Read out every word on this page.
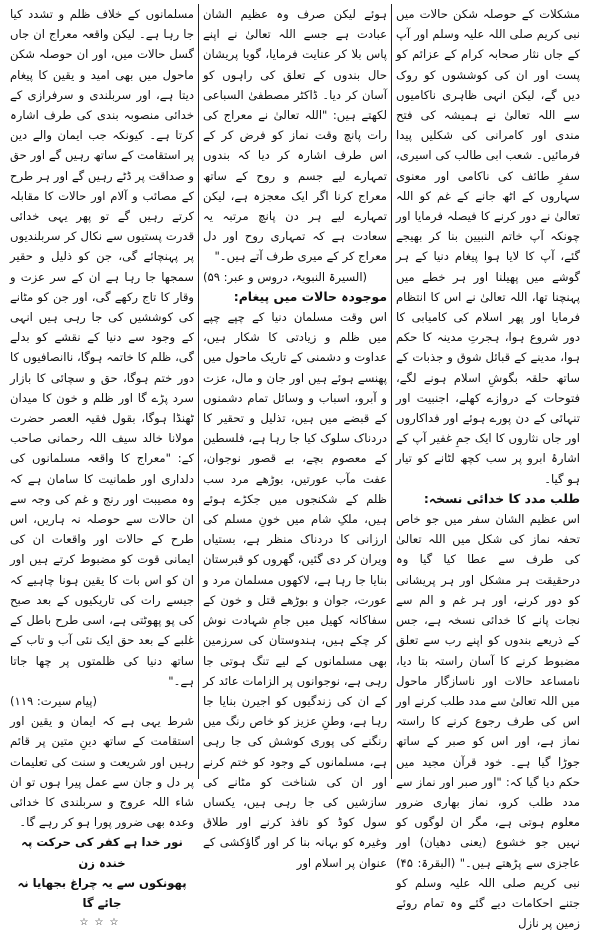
مشکلات کے حوصلہ شکن حالات میں نبی کریم صلی اللہ علیہ وسلم اور آپ کے جاں نثار صحابہ کرام کے عزائم کو پست اور ان کی کوششوں کو روک دیں گے، لیکن انہی ظاہری ناکامیوں سے اللہ تعالیٰ نے ہمیشہ کی فتح مندی اور کامرانی کی شکلیں پیدا فرمائیں۔ شعب ابی طالب کی اسیری، سفرِ طائف کی ناکامی اور معنوی سہاروں کے اٹھ جانے کے غم کو اللہ تعالیٰ نے دور کرنے کا فیصلہ فرمایا اور چونکہ آپ خاتم النبیین بنا کر بھیجے گئے، آپ کا لایا ہوا پیغام دنیا کے ہر گوشے میں پھیلنا اور ہر خطے میں پہنچنا تھا، اللہ تعالیٰ نے اس کا انتظام فرمایا اور پھر اسلام کی کامیابی کا دور شروع ہوا، ہجرتِ مدینہ کا حکم ہوا، مدینے کے قبائل شوق و جذبات کے ساتھ حلقہ بگوشِ اسلام ہونے لگے، فتوحات کے دروازے کھلے، اجنبیت اور تنہائی کے دن پورے ہوئے اور فداکاروں اور جاں نثاروں کا ایک جمِ غفیر آپ کے اشارۂ ابرو پر سب کچھ لٹانے کو تیار ہو گیا۔

طلب مدد کا خدائی نسخہ:

اس عظیم الشان سفر میں جو خاص تحفہ نماز کی شکل میں اللہ تعالیٰ کی طرف سے عطا کیا گیا وہ درحقیقت ہر مشکل اور ہر پریشانی کو دور کرنے، اور ہر غم و الم سے نجات پانے کا خدائی نسخہ ہے، جس کے ذریعے بندوں کو اپنے رب سے تعلق مضبوط کرنے کا آسان راستہ بتا دیا، نامساعد حالات اور ناسازگار ماحول میں اللہ تعالیٰ سے مدد طلب کرنے اور اس کی طرف رجوع کرنے کا راستہ نماز ہے، اور اس کو صبر کے ساتھ جوڑا گیا ہے۔ خود قرآن مجید میں حکم دیا گیا کہ: "اور صبر اور نماز سے مدد طلب کرو، نماز بھاری ضرور معلوم ہوتی ہے، مگر ان لوگوں کو نہیں جو خشوع (یعنی دھیان) اور عاجزی سے پڑھتے ہیں۔" (البقرۃ: ۴۵) نبی کریم صلی اللہ علیہ وسلم کو جتنے احکامات دیے گئے وہ تمام روئے زمین پر نازل

ہوئے لیکن صرف وہ عظیم الشان عبادت ہے جسے اللہ تعالیٰ نے اپنے پاس بلا کر عنایت فرمایا، گویا پریشان حال بندوں کے تعلق کی راہوں کو آسان کر دیا۔ ڈاکٹر مصطفیٰ السباعی لکھتے ہیں: "اللہ تعالیٰ نے معراج کی رات پانچ وقت نماز کو فرض کر کے اس طرف اشارہ کر دیا کہ بندوں تمہارے لیے جسم و روح کے ساتھ معراج کرنا اگر ایک معجزہ ہے، لیکن تمہارے لیے ہر دن پانچ مرتبہ یہ سعادت ہے کہ تمہاری روح اور دل معراج کر کے میری طرف آتے ہیں۔"

(السیرۃ النبویۃ، دروس و عبر: ۵۹)

موجودہ حالات میں پیغام:

اس وقت مسلمان دنیا کے چپے چپے میں ظلم و زیادتی کا شکار ہیں، عداوت و دشمنی کے تاریک ماحول میں پھنسے ہوئے ہیں اور جان و مال، عزت و آبرو، اسباب و وسائل تمام دشمنوں کے قبضے میں ہیں، تذلیل و تحقیر کا دردناک سلوک کیا جا رہا ہے، فلسطین کے معصوم بچے، بے قصور نوجوان، عفت مآب عورتیں، بوڑھے مرد سب ظلم کے شکنجوں میں جکڑے ہوئے ہیں، ملکِ شام میں خونِ مسلم کی ارزانی کا دردناک منظر ہے، بستیاں ویران کر دی گئیں، گھروں کو قبرستان بنایا جا رہا ہے، لاکھوں مسلمان مرد و عورت، جوان و بوڑھے قتل و خون کے سفاکانہ کھیل میں جامِ شہادت نوش کر چکے ہیں، ہندوستان کی سرزمین بھی مسلمانوں کے لیے تنگ ہوتی جا رہی ہے، نوجوانوں پر الزامات عائد کر کے ان کی زندگیوں کو اجیرن بنایا جا رہا ہے، وطنِ عزیز کو خاص رنگ میں رنگنے کی پوری کوشش کی جا رہی ہے، مسلمانوں کے وجود کو ختم کرنے اور ان کی شناخت کو مٹانے کی سازشیں کی جا رہی ہیں، یکساں سول کوڈ کو نافذ کرنے اور طلاق وغیرہ کو بہانہ بنا کر اور گاؤکشی کے عنوان پر اسلام اور

مسلمانوں کے خلاف ظلم و تشدد کیا جا رہا ہے۔ لیکن واقعہ معراج ان جاں گسل حالات میں، اور ان حوصلہ شکن ماحول میں بھی امید و یقین کا پیغام دیتا ہے، اور سربلندی و سرفرازی کے خدائی منصوبہ بندی کی طرف اشارہ کرتا ہے۔ کیونکہ جب ایمان والے دین پر استقامت کے ساتھ رہیں گے اور حق و صداقت پر ڈٹے رہیں گے اور ہر طرح کے مصائب و آلام اور حالات کا مقابلہ کرتے رہیں گے تو پھر یہی خدائی قدرت پستیوں سے نکال کر سربلندیوں پر پہنچائے گی، جن کو ذلیل و حقیر سمجھا جا رہا ہے ان کے سر عزت و وقار کا تاج رکھے گی، اور جن کو مٹانے کی کوششیں کی جا رہی ہیں انہی کے وجود سے دنیا کے نقشے کو بدلے گی، ظلم کا خاتمہ ہوگا، ناانصافیوں کا دور ختم ہوگا، حق و سچائی کا بازار سرد پڑے گا اور ظلم و خون کا میدان ٹھنڈا ہوگا، بقول فقیہ العصر حضرت مولانا خالد سیف اللہ رحمانی صاحب کے: "معراج کا واقعہ مسلمانوں کی دلداری اور طمانیت کا سامان ہے کہ وہ مصیبت اور رنج و غم کی وجہ سے ان حالات سے حوصلہ نہ ہاریں، اس طرح کے حالات اور واقعات ان کی ایمانی قوت کو مضبوط کرتے ہیں اور ان کو اس بات کا یقین ہونا چاہیے کہ جیسے رات کی تاریکیوں کے بعد صبح کی پو پھوٹتی ہے، اسی طرح باطل کے غلبے کے بعد حق ایک نئی آب و تاب کے ساتھ دنیا کی ظلمتوں پر چھا جاتا ہے۔"

(پیام سیرت: ۱۱۹)

شرط یہی ہے کہ ایمان و یقین اور استقامت کے ساتھ دینِ متین پر قائم رہیں اور شریعت و سنت کی تعلیمات پر دل و جان سے عمل پیرا ہوں تو ان شاء اللہ عروج و سربلندی کا خدائی وعدہ بھی ضرور پورا ہو کر رہے گا۔

نور خدا ہے کفر کی حرکت پہ خندہ زن

پھونکوں سے یہ چراغ بجھایا نہ جائے گا

☆☆☆
